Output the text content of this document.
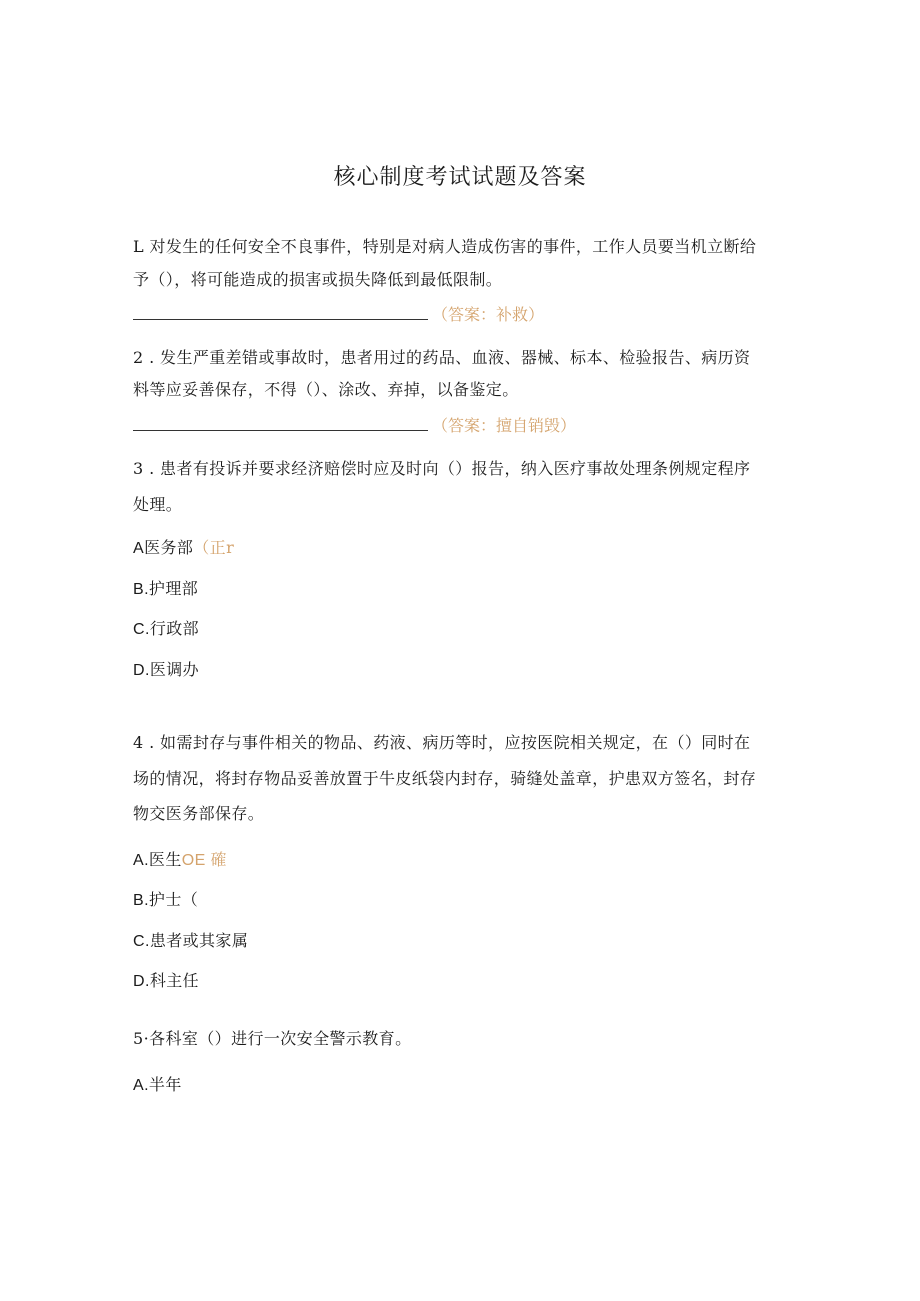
核心制度考试试题及答案
L 对发生的任何安全不良事件，特别是对病人造成伤害的事件，工作人员要当机立断给
予（），将可能造成的损害或损失降低到最低限制。
（答案：补救）
2 . 发生严重差错或事故时，患者用过的药品、血液、器械、标本、检验报告、病历资
料等应妥善保存，不得（）、涂改、弃掉，以备鉴定。
（答案：擅自销毁）
3 . 患者有投诉并要求经济赔偿时应及时向（）报告，纳入医疗事故处理条例规定程序
处理。
A医务部（正r
B.护理部
C.行政部
D.医调办
4 . 如需封存与事件相关的物品、药液、病历等时，应按医院相关规定，在（）同时在
场的情况，将封存物品妥善放置于牛皮纸袋内封存，骑缝处盖章，护患双方签名，封存
物交医务部保存。
A.医生OE 確
B.护士（
C.患者或其家属
D.科主任
5·各科室（）进行一次安全警示教育。
A.半年
